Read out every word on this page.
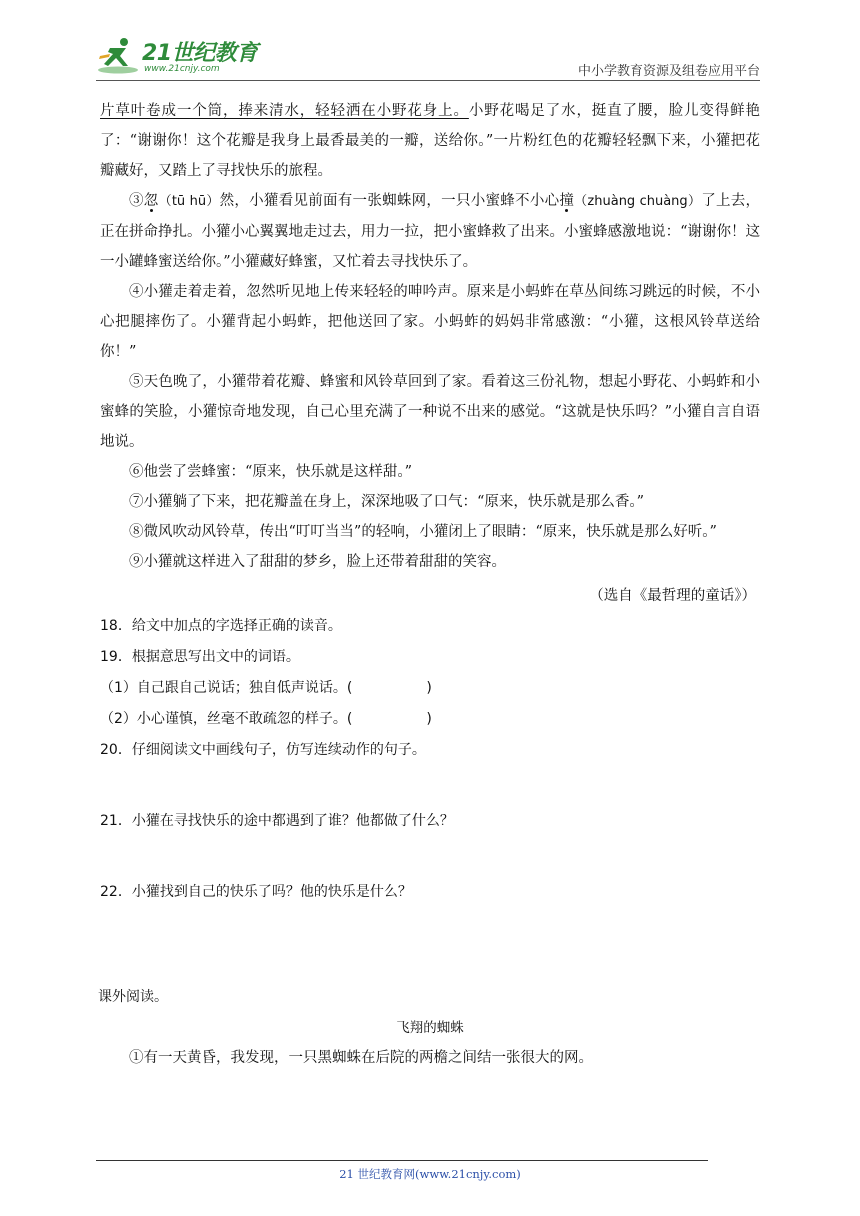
21世纪教育
www.21cnjy.com	中小学教育资源及组卷应用平台

片草叶卷成一个筒，捧来清水，轻轻洒在小野花身上。小野花喝足了水，挺直了腰，脸儿变得鲜艳了：“谢谢你！这个花瓣是我身上最香最美的一瓣，送给你。”一片粉红色的花瓣轻轻飘下来，小獾把花瓣藏好，又踏上了寻找快乐的旅程。

③忽（tū hū）然，小獾看见前面有一张蜘蛛网，一只小蜜蜂不小心撞（zhuàng chuàng）了上去，正在拼命挣扎。小獾小心翼翼地走过去，用力一拉，把小蜜蜂救了出来。小蜜蜂感激地说：“谢谢你！这一小罐蜂蜜送给你。”小獾藏好蜂蜜，又忙着去寻找快乐了。

④小獾走着走着，忽然听见地上传来轻轻的呻吟声。原来是小蚂蚱在草丛间练习跳远的时候，不小心把腿摔伤了。小獾背起小蚂蚱，把他送回了家。小蚂蚱的妈妈非常感激：“小獾，这根风铃草送给你！”

⑤天色晚了，小獾带着花瓣、蜂蜜和风铃草回到了家。看着这三份礼物，想起小野花、小蚂蚱和小蜜蜂的笑脸，小獾惊奇地发现，自己心里充满了一种说不出来的感觉。“这就是快乐吗？”小獾自言自语地说。

⑥他尝了尝蜂蜜：“原来，快乐就是这样甜。”

⑦小獾躺了下来，把花瓣盖在身上，深深地吸了口气：“原来，快乐就是那么香。”

⑧微风吹动风铃草，传出“叮叮当当”的轻响，小獾闭上了眼睛：“原来，快乐就是那么好听。”

⑨小獾就这样进入了甜甜的梦乡，脸上还带着甜甜的笑容。

（选自《最哲理的童话》）

18．给文中加点的字选择正确的读音。

19．根据意思写出文中的词语。

（1）自己跟自己说话；独自低声说话。(	)

（2）小心谨慎，丝毫不敢疏忽的样子。(	)

20．仔细阅读文中画线句子，仿写连续动作的句子。

21．小獾在寻找快乐的途中都遇到了谁？他都做了什么？

22．小獾找到自己的快乐了吗？他的快乐是什么？

课外阅读。

飞翔的蜘蛛

①有一天黄昏，我发现，一只黑蜘蛛在后院的两檐之间结一张很大的网。

21 世纪教育网(www.21cnjy.com)
